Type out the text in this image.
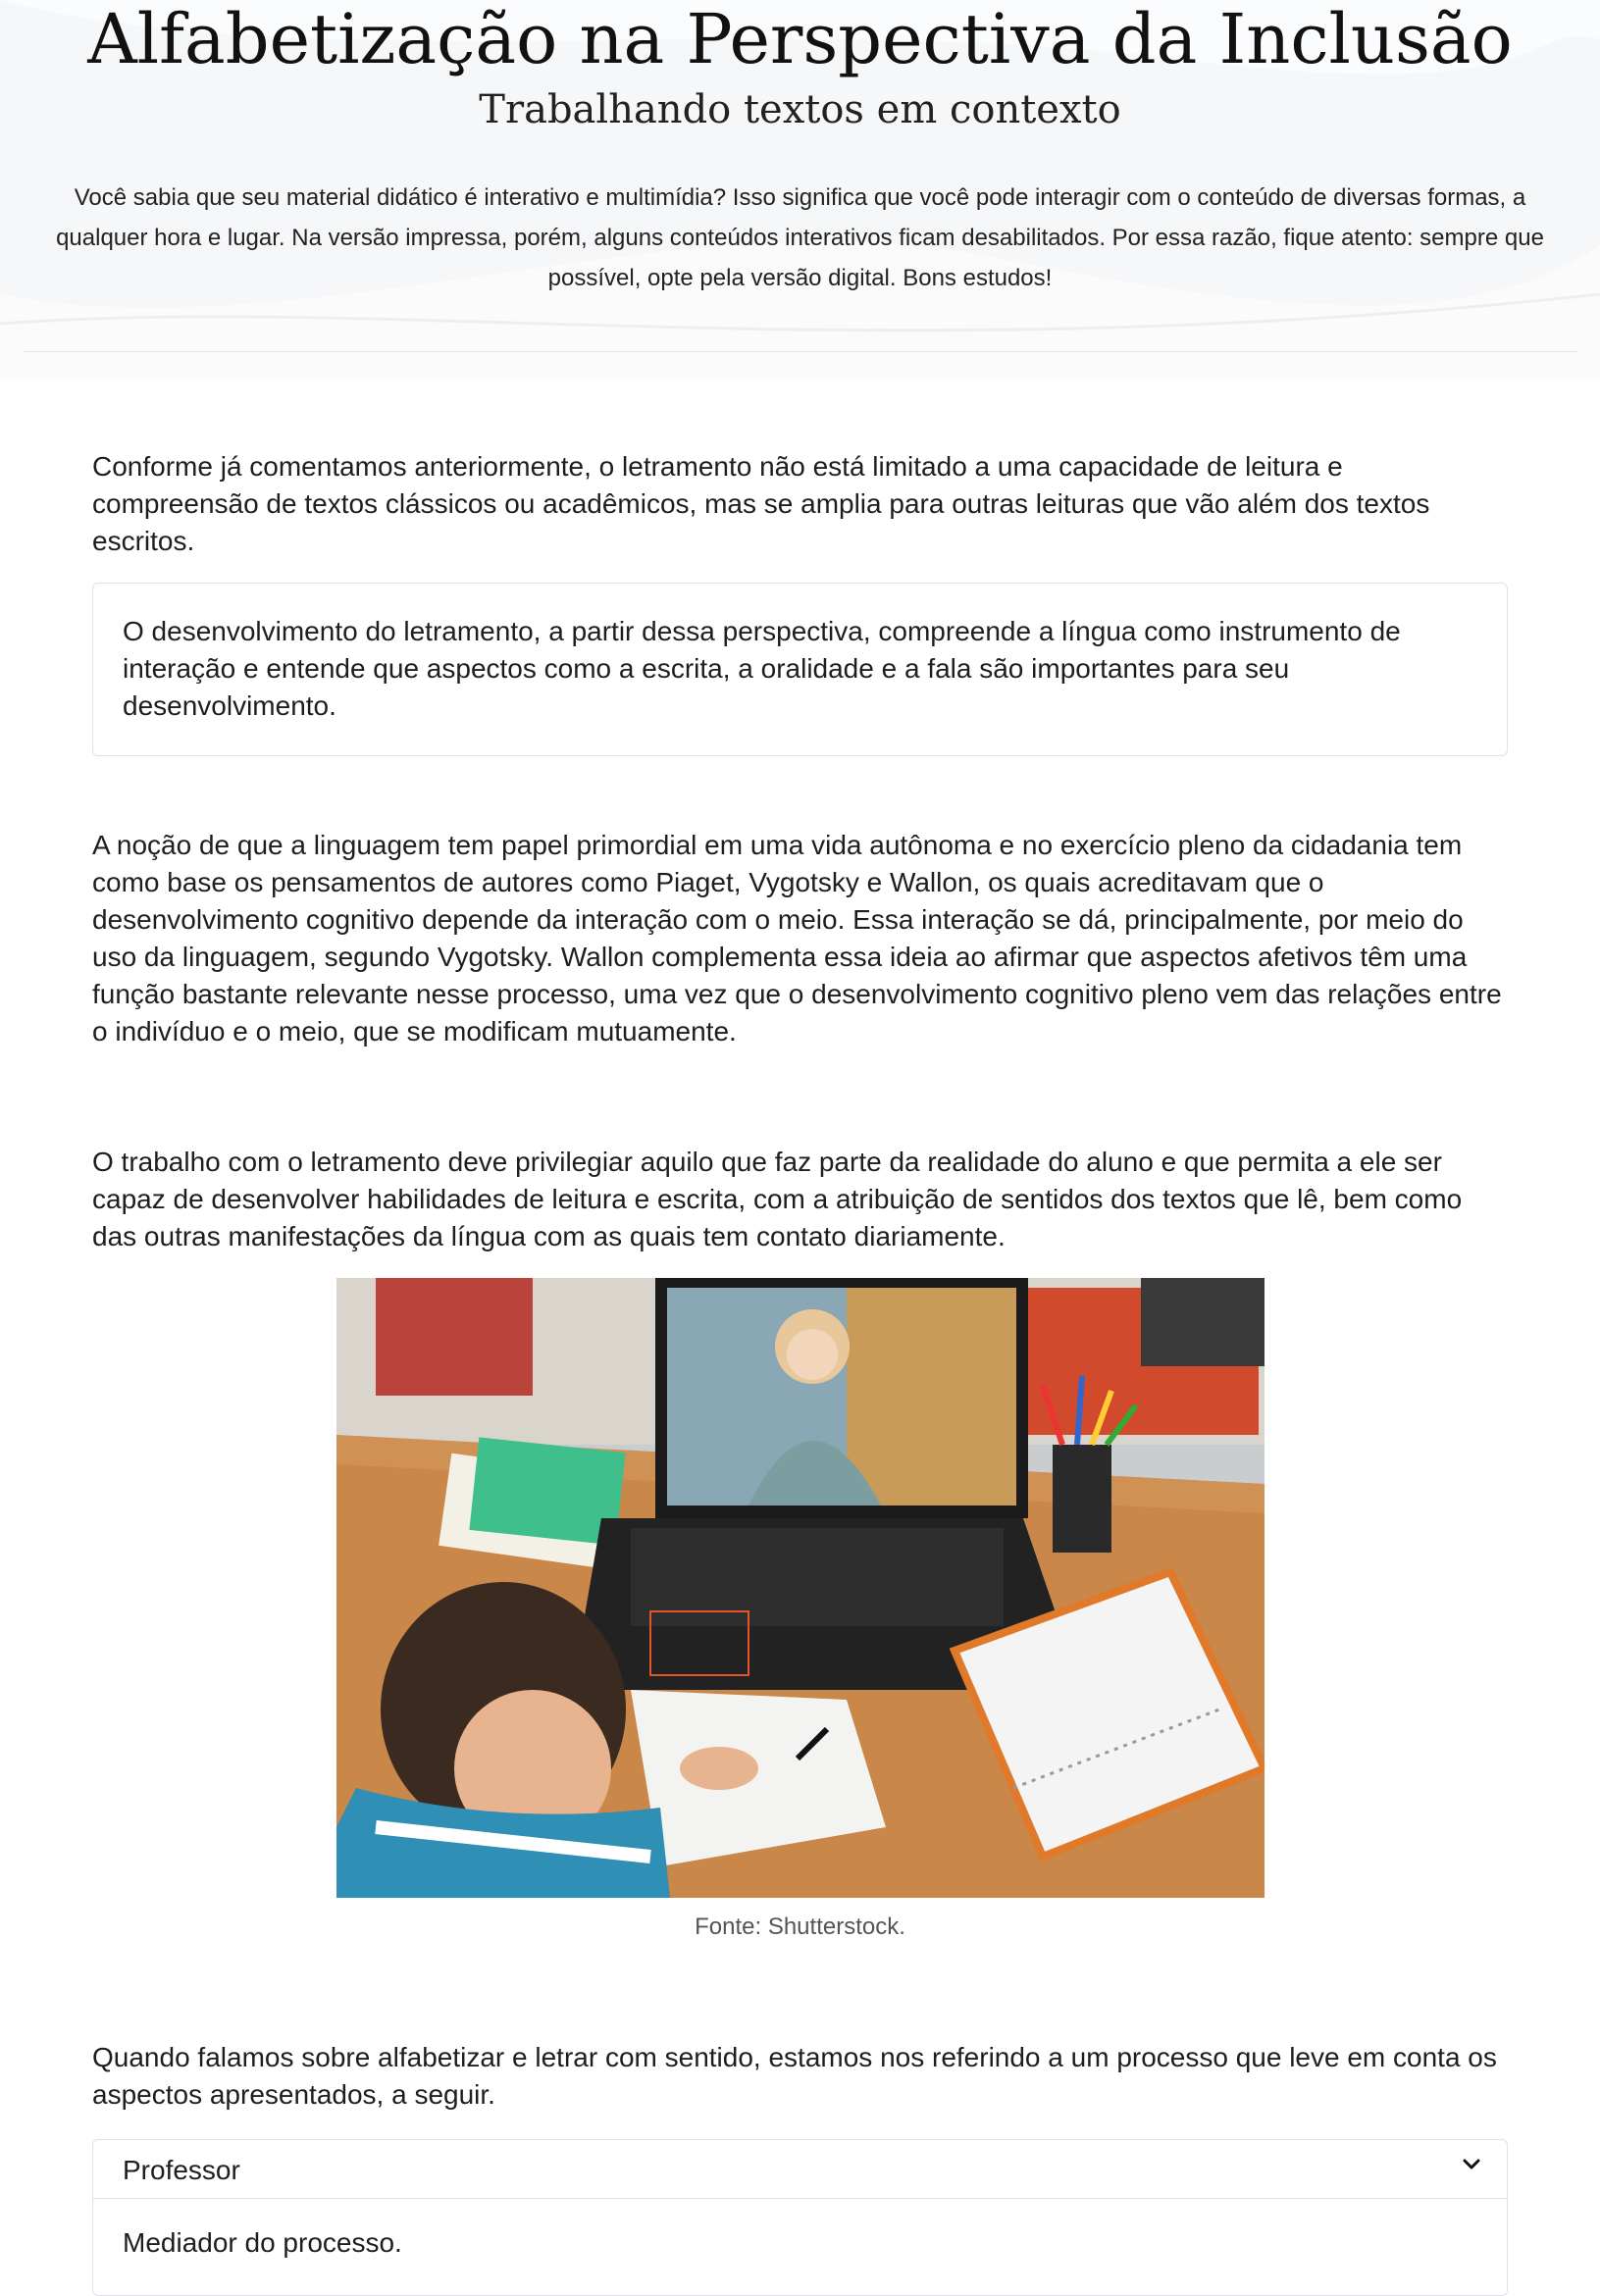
Alfabetização na Perspectiva da Inclusão
Trabalhando textos em contexto

Você sabia que seu material didático é interativo e multimídia? Isso significa que você pode interagir com o conteúdo de diversas formas, a qualquer hora e lugar. Na versão impressa, porém, alguns conteúdos interativos ficam desabilitados. Por essa razão, fique atento: sempre que possível, opte pela versão digital. Bons estudos!

Conforme já comentamos anteriormente, o letramento não está limitado a uma capacidade de leitura e compreensão de textos clássicos ou acadêmicos, mas se amplia para outras leituras que vão além dos textos escritos.

O desenvolvimento do letramento, a partir dessa perspectiva, compreende a língua como instrumento de interação e entende que aspectos como a escrita, a oralidade e a fala são importantes para seu desenvolvimento.

A noção de que a linguagem tem papel primordial em uma vida autônoma e no exercício pleno da cidadania tem como base os pensamentos de autores como Piaget, Vygotsky e Wallon, os quais acreditavam que o desenvolvimento cognitivo depende da interação com o meio. Essa interação se dá, principalmente, por meio do uso da linguagem, segundo Vygotsky. Wallon complementa essa ideia ao afirmar que aspectos afetivos têm uma função bastante relevante nesse processo, uma vez que o desenvolvimento cognitivo pleno vem das relações entre o indivíduo e o meio, que se modificam mutuamente.

O trabalho com o letramento deve privilegiar aquilo que faz parte da realidade do aluno e que permita a ele ser capaz de desenvolver habilidades de leitura e escrita, com a atribuição de sentidos dos textos que lê, bem como das outras manifestações da língua com as quais tem contato diariamente.

Fonte: Shutterstock.

Quando falamos sobre alfabetizar e letrar com sentido, estamos nos referindo a um processo que leve em conta os aspectos apresentados, a seguir.

Professor
Mediador do processo.
